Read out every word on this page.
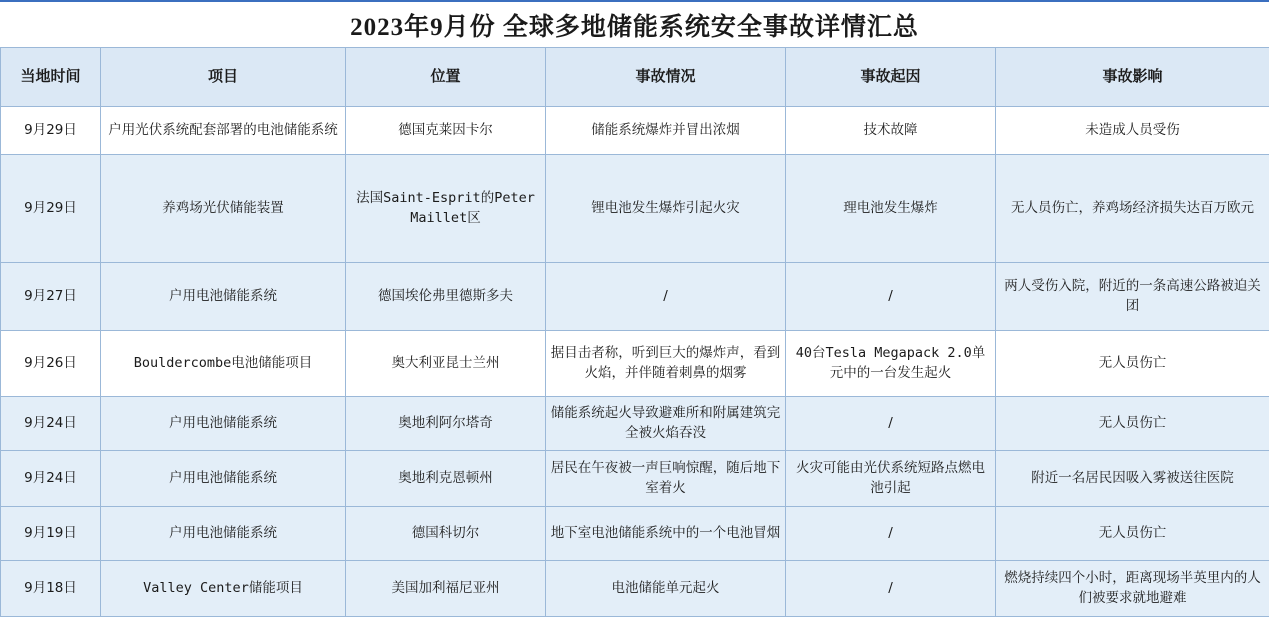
2023年9月份 全球多地储能系统安全事故详情汇总
当地时间	项目	位置	事故情况	事故起因	事故影响
9月29日	户用光伏系统配套部署的电池储能系统	德国克莱因卡尔	储能系统爆炸并冒出浓烟	技术故障	未造成人员受伤
9月29日	养鸡场光伏储能装置	法国Saint-Esprit的Peter Maillet区	锂电池发生爆炸引起火灾	理电池发生爆炸	无人员伤亡，养鸡场经济损失达百万欧元
9月27日	户用电池储能系统	德国埃伦弗里德斯多夫	/	/	两人受伤入院，附近的一条高速公路被迫关团
9月26日	Bouldercombe电池储能项目	奥大利亚昆士兰州	据目击者称，听到巨大的爆炸声，看到火焰，并伴随着刺鼻的烟雾	40台Tesla Megapack 2.0单元中的一台发生起火	无人员伤亡
9月24日	户用电池储能系统	奥地利阿尔塔奇	储能系统起火导致避难所和附属建筑完全被火焰吞没	/	无人员伤亡
9月24日	户用电池储能系统	奥地利克恩顿州	居民在午夜被一声巨响惊醒，随后地下室着火	火灾可能由光伏系统短路点燃电池引起	附近一名居民因吸入雾被送往医院
9月19日	户用电池储能系统	德国科切尔	地下室电池储能系统中的一个电池冒烟	/	无人员伤亡
9月18日	Valley Center储能项目	美国加利福尼亚州	电池储能单元起火	/	燃烧持续四个小时，距离现场半英里内的人们被要求就地避难
